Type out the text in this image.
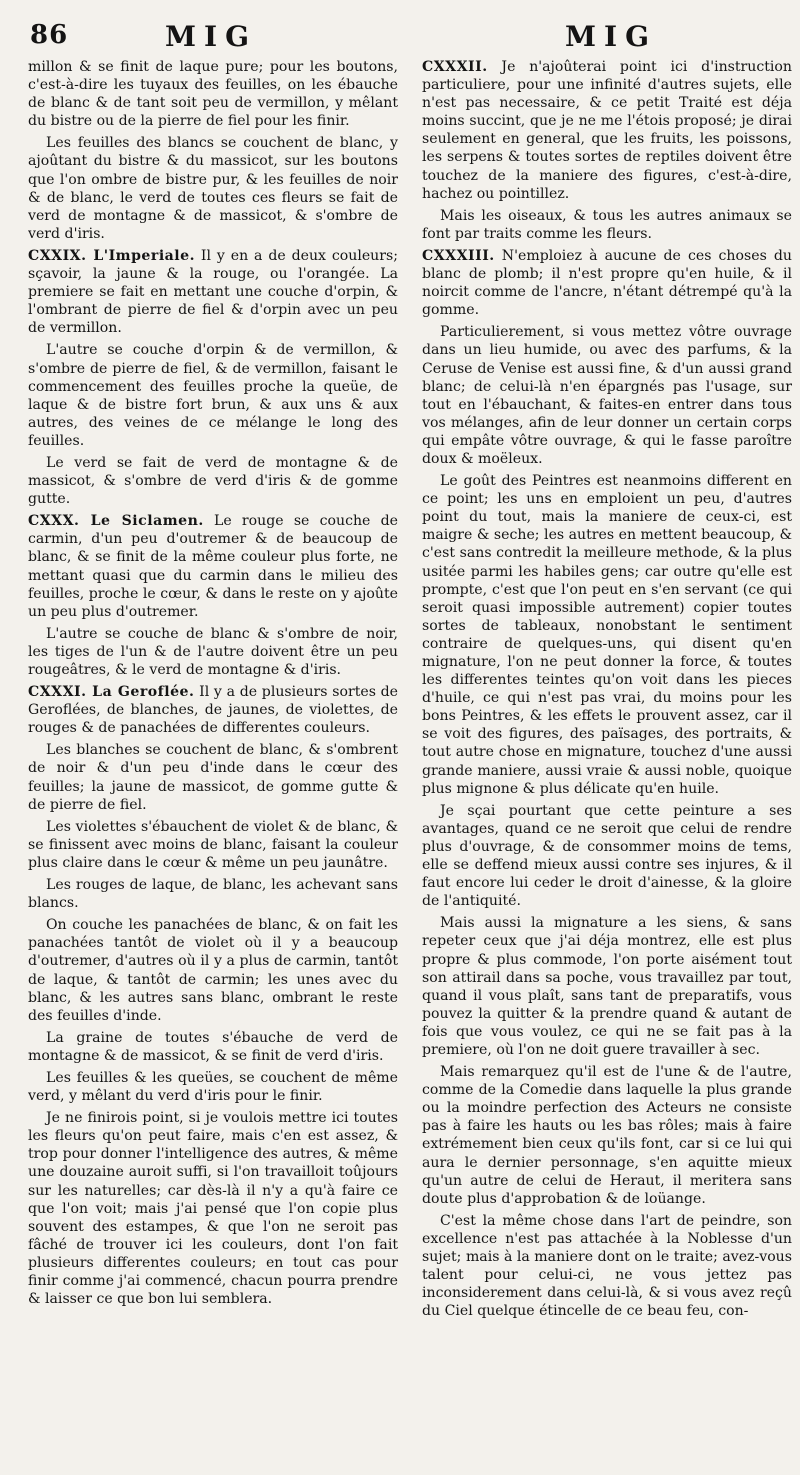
86	MIG	MIG

millon & se finit de laque pure; pour les boutons, c'est-à-dire les tuyaux des feuilles, on les ébauche de blanc & de tant soit peu de vermillon, y mêlant du bistre ou de la pierre de fiel pour les finir.

Les feuilles des blancs se couchent de blanc, y ajoûtant du bistre & du massicot, sur les boutons que l'on ombre de bistre pur, & les feuilles de noir & de blanc, le verd de toutes ces fleurs se fait de verd de montagne & de massicot, & s'ombre de verd d'iris.

CXXIX. L'Imperiale. Il y en a de deux couleurs; sçavoir, la jaune & la rouge, ou l'orangée. La premiere se fait en mettant une couche d'orpin, & l'ombrant de pierre de fiel & d'orpin avec un peu de vermillon.

L'autre se couche d'orpin & de vermillon, & s'ombre de pierre de fiel, & de vermillon, faisant le commencement des feuilles proche la queüe, de laque & de bistre fort brun, & aux uns & aux autres, des veines de ce mélange le long des feuilles.

Le verd se fait de verd de montagne & de massicot, & s'ombre de verd d'iris & de gomme gutte.

CXXX. Le Siclamen. Le rouge se couche de carmin, d'un peu d'outremer & de beaucoup de blanc, & se finit de la même couleur plus forte, ne mettant quasi que du carmin dans le milieu des feuilles, proche le cœur, & dans le reste on y ajoûte un peu plus d'outremer.

L'autre se couche de blanc & s'ombre de noir, les tiges de l'un & de l'autre doivent être un peu rougeâtres, & le verd de montagne & d'iris.

CXXXI. La Geroflée. Il y a de plusieurs sortes de Geroflées, de blanches, de jaunes, de violettes, de rouges & de panachées de differentes couleurs.

Les blanches se couchent de blanc, & s'ombrent de noir & d'un peu d'inde dans le cœur des feuilles; la jaune de massicot, de gomme gutte & de pierre de fiel.

Les violettes s'ébauchent de violet & de blanc, & se finissent avec moins de blanc, faisant la couleur plus claire dans le cœur & même un peu jaunâtre.

Les rouges de laque, de blanc, les achevant sans blancs.

On couche les panachées de blanc, & on fait les panachées tantôt de violet où il y a beaucoup d'outremer, d'autres où il y a plus de carmin, tantôt de laque, & tantôt de carmin; les unes avec du blanc, & les autres sans blanc, ombrant le reste des feuilles d'inde.

La graine de toutes s'ébauche de verd de montagne & de massicot, & se finit de verd d'iris.

Les feuilles & les queües, se couchent de même verd, y mêlant du verd d'iris pour le finir.

Je ne finirois point, si je voulois mettre ici toutes les fleurs qu'on peut faire, mais c'en est assez, & trop pour donner l'intelligence des autres, & même une douzaine auroit suffi, si l'on travailloit toûjours sur les naturelles; car dès-là il n'y a qu'à faire ce que l'on voit; mais j'ai pensé que l'on copie plus souvent des estampes, & que l'on ne seroit pas fâché de trouver ici les couleurs, dont l'on fait plusieurs differentes couleurs; en tout cas pour finir comme j'ai commencé, chacun pourra prendre & laisser ce que bon lui semblera.

CXXXII. Je n'ajoûterai point ici d'instruction particuliere, pour une infinité d'autres sujets, elle n'est pas necessaire, & ce petit Traité est déja moins succint, que je ne me l'étois proposé; je dirai seulement en general, que les fruits, les poissons, les serpens & toutes sortes de reptiles doivent être touchez de la maniere des figures, c'est-à-dire, hachez ou pointillez.

Mais les oiseaux, & tous les autres animaux se font par traits comme les fleurs.

CXXXIII. N'emploiez à aucune de ces choses du blanc de plomb; il n'est propre qu'en huile, & il noircit comme de l'ancre, n'étant détrempé qu'à la gomme.

Particulierement, si vous mettez vôtre ouvrage dans un lieu humide, ou avec des parfums, & la Ceruse de Venise est aussi fine, & d'un aussi grand blanc; de celui-là n'en épargnés pas l'usage, sur tout en l'ébauchant, & faites-en entrer dans tous vos mélanges, afin de leur donner un certain corps qui empâte vôtre ouvrage, & qui le fasse paroître doux & moëleux.

Le goût des Peintres est neanmoins different en ce point; les uns en emploient un peu, d'autres point du tout, mais la maniere de ceux-ci, est maigre & seche; les autres en mettent beaucoup, & c'est sans contredit la meilleure methode, & la plus usitée parmi les habiles gens; car outre qu'elle est prompte, c'est que l'on peut en s'en servant (ce qui seroit quasi impossible autrement) copier toutes sortes de tableaux, nonobstant le sentiment contraire de quelques-uns, qui disent qu'en mignature, l'on ne peut donner la force, & toutes les differentes teintes qu'on voit dans les pieces d'huile, ce qui n'est pas vrai, du moins pour les bons Peintres, & les effets le prouvent assez, car il se voit des figures, des païsages, des portraits, & tout autre chose en mignature, touchez d'une aussi grande maniere, aussi vraie & aussi noble, quoique plus mignone & plus délicate qu'en huile.

Je sçai pourtant que cette peinture a ses avantages, quand ce ne seroit que celui de rendre plus d'ouvrage, & de consommer moins de tems, elle se deffend mieux aussi contre ses injures, & il faut encore lui ceder le droit d'ainesse, & la gloire de l'antiquité.

Mais aussi la mignature a les siens, & sans repeter ceux que j'ai déja montrez, elle est plus propre & plus commode, l'on porte aisément tout son attirail dans sa poche, vous travaillez par tout, quand il vous plaît, sans tant de preparatifs, vous pouvez la quitter & la prendre quand & autant de fois que vous voulez, ce qui ne se fait pas à la premiere, où l'on ne doit guere travailler à sec.

Mais remarquez qu'il est de l'une & de l'autre, comme de la Comedie dans laquelle la plus grande ou la moindre perfection des Acteurs ne consiste pas à faire les hauts ou les bas rôles; mais à faire extrémement bien ceux qu'ils font, car si ce lui qui aura le dernier personnage, s'en aquitte mieux qu'un autre de celui de Heraut, il meritera sans doute plus d'approbation & de loüange.

C'est la même chose dans l'art de peindre, son excellence n'est pas attachée à la Noblesse d'un sujet; mais à la maniere dont on le traite; avez-vous talent pour celui-ci, ne vous jettez pas inconsiderement dans celui-là, & si vous avez reçû du Ciel quelque étincelle de ce beau feu, con-
